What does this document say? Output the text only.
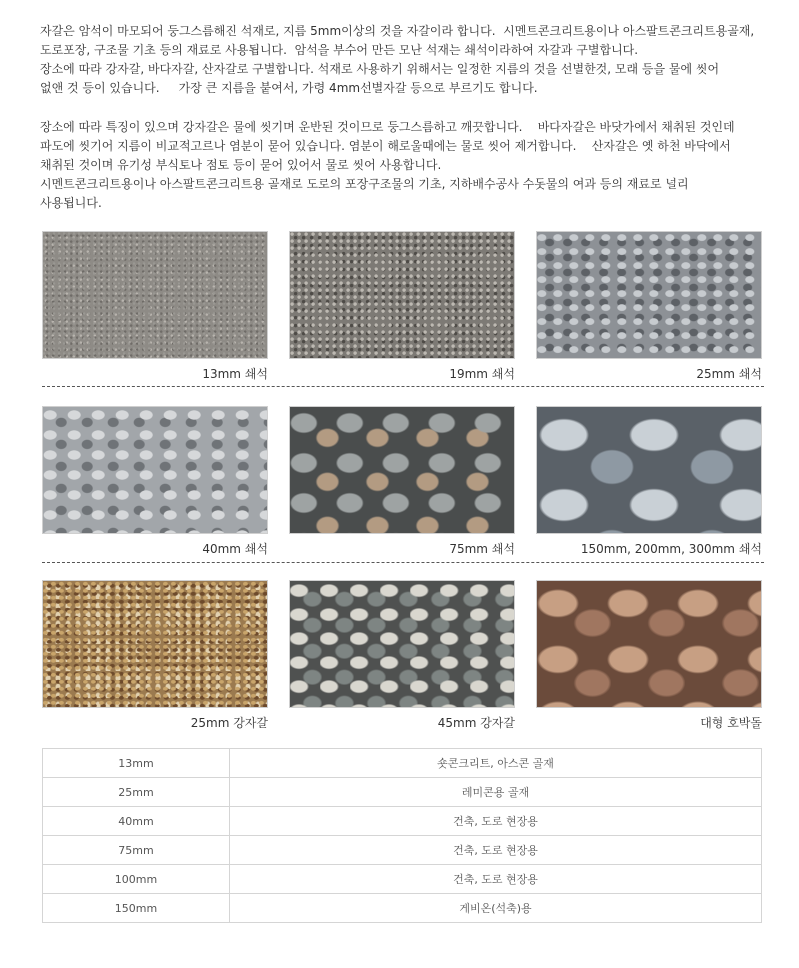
자갈은 암석이 마모되어 둥그스름해진 석재로, 지름 5mm이상의 것을 자갈이라 합니다.  시멘트콘크리트용이나 아스팔트콘크리트용골재,

도로포장, 구조물 기초 등의 재료로 사용됩니다.  암석을 부수어 만든 모난 석재는 쇄석이라하여 자갈과 구별합니다.

장소에 따라 강자갈, 바다자갈, 산자갈로 구별합니다. 석재로 사용하기 위해서는 일정한 지름의 것을 선별한것, 모래 등을 물에 씻어

없앤 것 등이 있습니다.     가장 큰 지름을 붙여서, 가령 4mm선별자갈 등으로 부르기도 합니다.

장소에 따라 특징이 있으며 강자갈은 물에 씻기며 운반된 것이므로 둥그스름하고 깨끗합니다.    바다자갈은 바닷가에서 채취된 것인데

파도에 씻기어 지름이 비교적고르나 염분이 묻어 있습니다. 염분이 해로울때에는 물로 씻어 제거합니다.    산자갈은 옛 하천 바닥에서

채취된 것이며 유기성 부식토나 점토 등이 묻어 있어서 물로 씻어 사용합니다.

시멘트콘크리트용이나 아스팔트콘크리트용 골재로 도로의 포장구조물의 기초, 지하배수공사 수돗물의 여과 등의 재료로 널리

사용됩니다.

13mm 쇄석	19mm 쇄석	25mm 쇄석
40mm 쇄석	75mm 쇄석	150mm, 200mm, 300mm 쇄석
25mm 강자갈	45mm 강자갈	대형 호박돌
13mm	숏콘크리트, 아스콘 골재
25mm	레미콘용 골재
40mm	건축, 도로 현장용
75mm	건축, 도로 현장용
100mm	건축, 도로 현장용
150mm	게비온(석축)용
